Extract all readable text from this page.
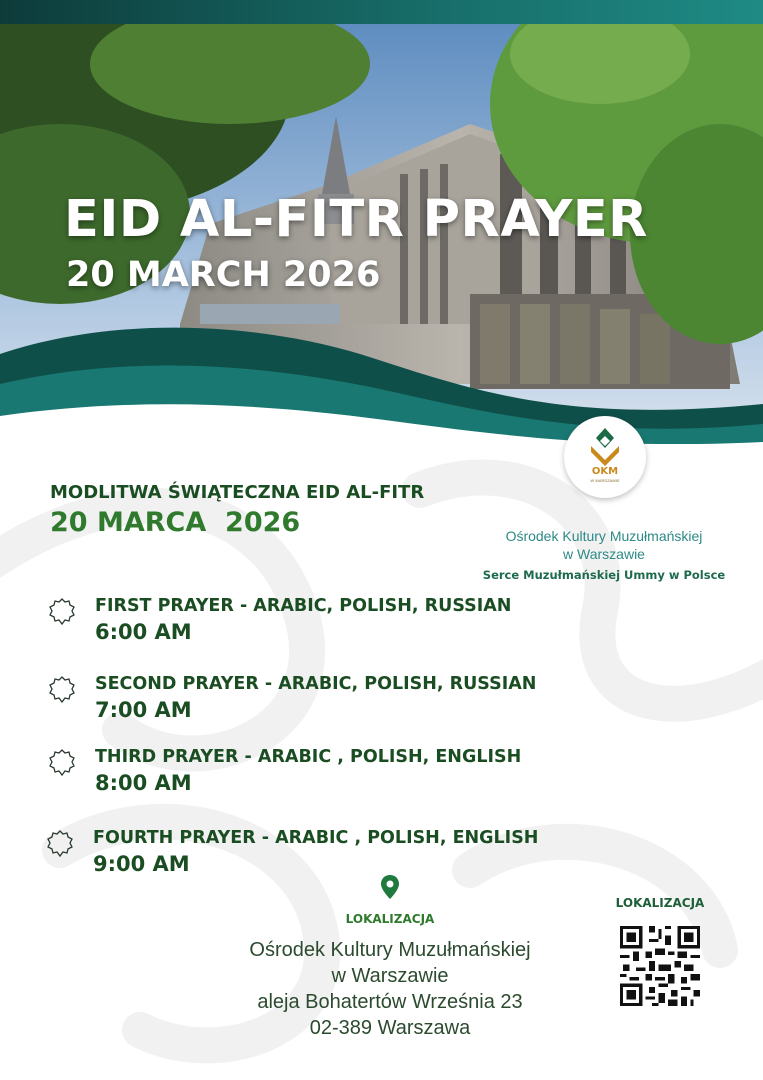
EID AL-FITR PRAYER
20 MARCH 2026
OKM
W WARSZAWIE
MODLITWA ŚWIĄTECZNA EID AL-FITR
20 MARCA  2026	Ośrodek Kultury Muzułmańskiej
w Warszawie
Serce Muzułmańskiej Ummy w Polsce
FIRST PRAYER - ARABIC, POLISH, RUSSIAN
6:00 AM
SECOND PRAYER - ARABIC, POLISH, RUSSIAN
7:00 AM
THIRD PRAYER - ARABIC , POLISH, ENGLISH
8:00 AM
FOURTH PRAYER - ARABIC , POLISH, ENGLISH
9:00 AM
LOKALIZACJA
Ośrodek Kultury Muzułmańskiej
w Warszawie
aleja Bohatertów Września 23
02-389 Warszawa
LOKALIZACJA
